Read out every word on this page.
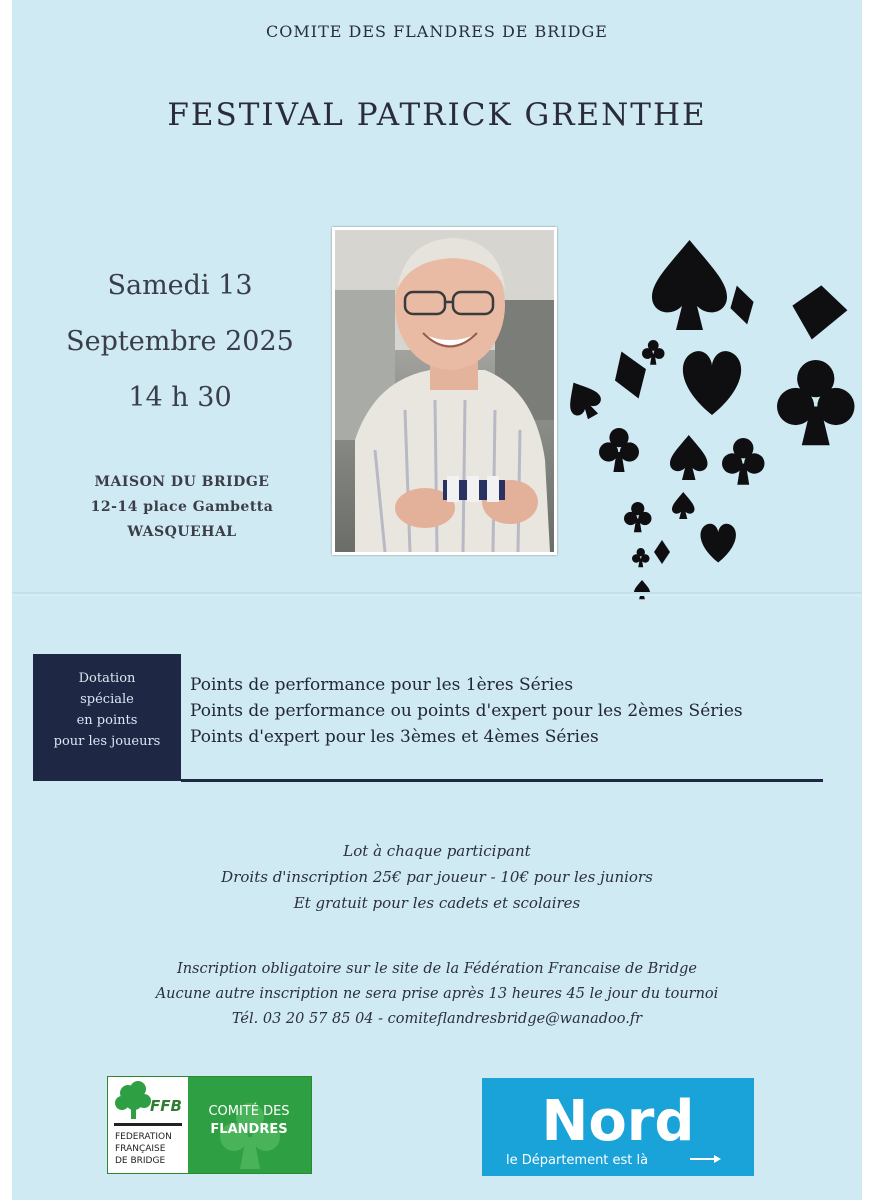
COMITE DES FLANDRES DE BRIDGE
FESTIVAL PATRICK GRENTHE
Samedi 13
Septembre 2025
14 h 30
MAISON DU BRIDGE
12-14 place Gambetta
WASQUEHAL
Dotation
spéciale
en points
pour les joueurs
Points de performance pour les 1ères Séries
Points de performance ou points d'expert pour les 2èmes Séries
Points d'expert pour les 3èmes et 4èmes Séries
Lot à chaque participant
Droits d'inscription 25€ par joueur - 10€ pour les juniors
Et gratuit pour les cadets et scolaires
Inscription obligatoire sur le site de la Fédération Francaise de Bridge
Aucune autre inscription ne sera prise après 13 heures 45 le jour du tournoi
Tél. 03 20 57 85 04 - comiteflandresbridge@wanadoo.fr
FFB
FEDERATION
FRANÇAISE
DE BRIDGE
COMITÉ DES
FLANDRES	Nord
le Département est là
